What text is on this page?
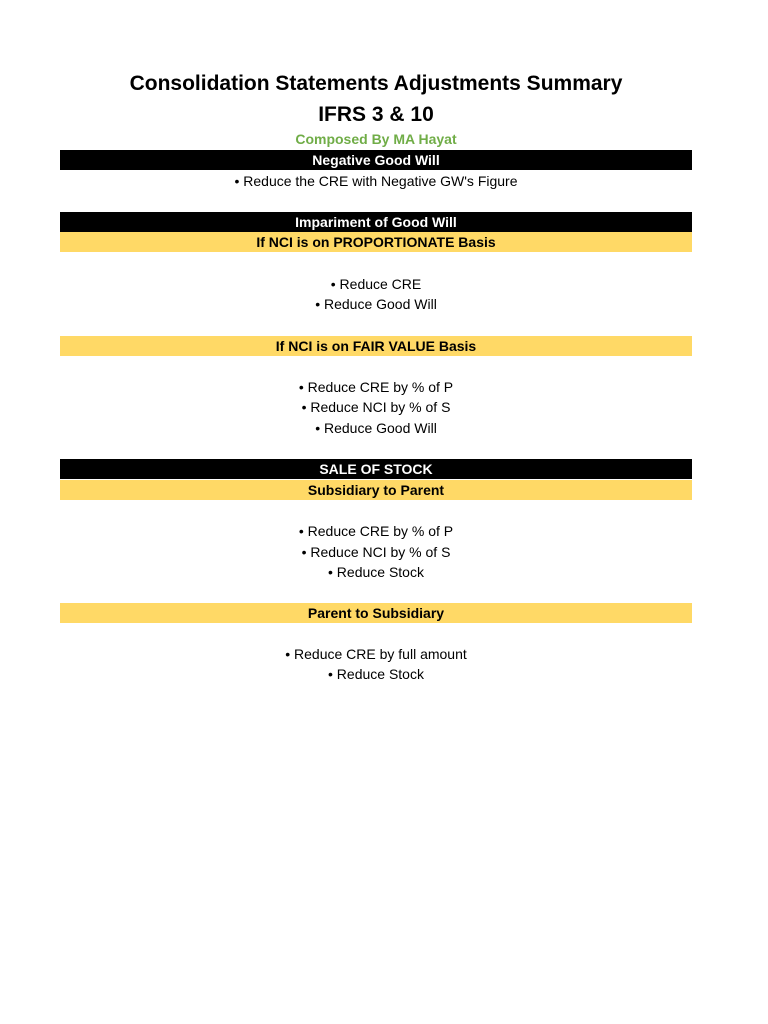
Consolidation Statements Adjustments Summary
IFRS 3 & 10
Composed By MA Hayat
Negative Good Will
• Reduce the CRE with Negative GW's Figure
Impariment of Good Will
If NCI is on PROPORTIONATE Basis
• Reduce CRE
• Reduce Good Will
If NCI is on FAIR VALUE Basis
• Reduce CRE by % of P
• Reduce NCI by % of S
• Reduce Good Will
SALE OF STOCK
Subsidiary to Parent
• Reduce CRE by % of P
• Reduce NCI by % of S
• Reduce Stock
Parent to Subsidiary
• Reduce CRE by full amount
• Reduce Stock
